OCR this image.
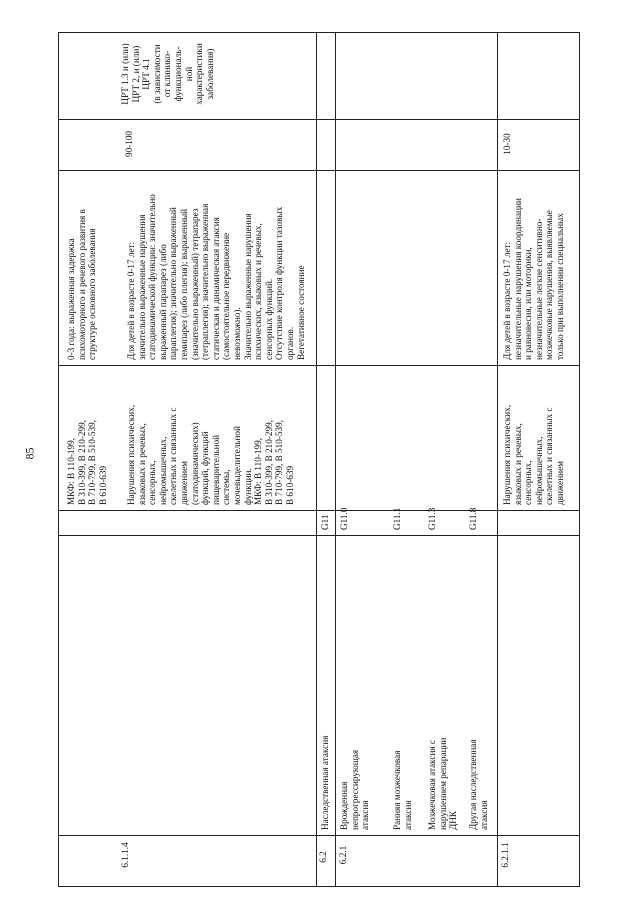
85
6.1.1.4
МКФ: B 110-199,
B 310-399, B 210-299,
B 710-799, B 510-539,
B 610-639 Нарушения психических,
языковых и речевых,
сенсорных,
нейромышечных,
скелетных и связанных с
движением
(статодинамических)
функций, функций
пищеварительной
системы,
мочевыделительной
функции.
МКФ: B 110-199,
B 310-399, B 210-299,
B 710-799, B 510-539,
B 610-639
0-3 года: выраженная задержка
психомоторного и речевого развития в
структуре основного заболевания
Для детей в возрасте 0-17 лет:
значительно выраженные нарушения
статодинамической функции: значительно
выраженный парапарез (либо
параплегия); значительно выраженный
гемипарез (либо плегия); выраженный
(значительно выраженный) тетрапарез
(тетраплегия); значительно выраженная
статическая и динамическая атаксия
(самостоятельное передвижение
невозможно).
Значительно выраженные нарушения
психических, языковых и речевых,
сенсорных функций.
Отсутствие контроля функции тазовых
органов.
Вегетативное состояние
90-100
ЦРТ 1.3 и (или)
ЦРТ 2, и (или)
ЦРТ 4.1
(в зависимости
от клинико-
функциональ-
ной
характеристики
заболевания)
6.2
Наследственная атаксия
G11
6.2.1
Врожденная
непрогрессирующая
атаксия
G11.0
Ранняя мозжечковая
атаксия
G11.1
Мозжечковая атаксия с
нарушением репарации
ДНК
G11.3
Другая наследственная
атаксия
G11.8
6.2.1.1
Нарушения психических,
языковых и речевых,
сенсорных,
нейромышечных,
скелетных и связанных с
движением
Для детей в возрасте 0-17 лет:
незначительные нарушения координации
и равновесия, или моторики,
незначительные легкие сенситивно-
мозжечковые нарушения, выявляемые
только при выполнении специальных
10-30
